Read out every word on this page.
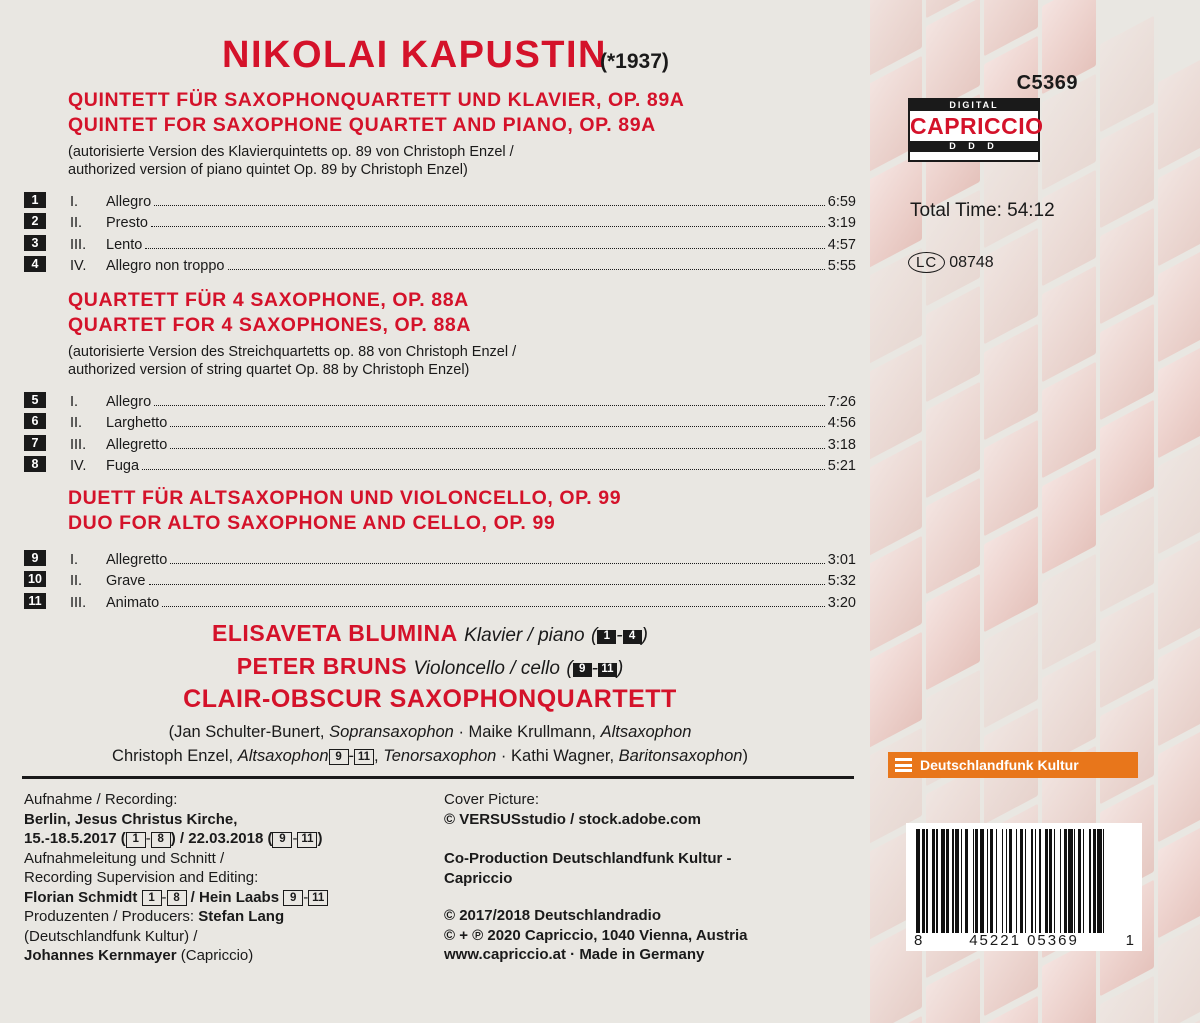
NIKOLAI KAPUSTIN
(*1937)
QUINTETT FÜR SAXOPHONQUARTETT UND KLAVIER, OP. 89A
QUINTET FOR SAXOPHONE QUARTET AND PIANO, OP. 89A
(autorisierte Version des Klavierquintetts op. 89 von Christoph Enzel /
authorized version of piano quintet Op. 89 by Christoph Enzel)
1	I.	Allegro	6:59
2	II.	Presto	3:19
3	III.	Lento	4:57
4	IV.	Allegro non troppo	5:55
QUARTETT FÜR 4 SAXOPHONE, OP. 88A
QUARTET FOR 4 SAXOPHONES, OP. 88A
(autorisierte Version des Streichquartetts op. 88 von Christoph Enzel /
authorized version of string quartet Op. 88 by Christoph Enzel)
5	I.	Allegro	7:26
6	II.	Larghetto	4:56
7	III.	Allegretto	3:18
8	IV.	Fuga	5:21
DUETT FÜR ALTSAXOPHON UND VIOLONCELLO, OP. 99
DUO FOR ALTO SAXOPHONE AND CELLO, OP. 99
9	I.	Allegretto	3:01
10 II.	Grave	5:32
11	III.	Animato	3:20
ELISAVETA BLUMINA Klavier / piano ( 1 - 4 )
PETER BRUNS Violoncello / cello ( 9 - 11 )
CLAIR-OBSCUR SAXOPHONQUARTETT
(Jan Schulter-Bunert, Sopransaxophon · Maike Krullmann, Altsaxophon
Christoph Enzel, Altsaxophon 9 - 11 , Tenorsaxophon · Kathi Wagner, Baritonsaxophon)
Aufnahme / Recording:
Berlin, Jesus Christus Kirche,
15.-18.5.2017 ( 1 - 8 ) / 22.03.2018 ( 9 - 11 )
Aufnahmeleitung und Schnitt /
Recording Supervision and Editing:
Florian Schmidt 1 - 8 / Hein Laabs 9 - 11
Produzenten / Producers: Stefan Lang
(Deutschlandfunk Kultur) /
Johannes Kernmayer (Capriccio)
Cover Picture:
© VERSUSstudio / stock.adobe.com
Co-Production Deutschlandfunk Kultur -
Capriccio
© 2017/2018 Deutschlandradio
© + ℗ 2020 Capriccio, 1040 Vienna, Austria
www.capriccio.at · Made in Germany
C5369
DIGITAL
CAPRICCIO
D D D
Total Time: 54:12
LC 08748
Deutschlandfunk Kultur
8	45221 05369	1
